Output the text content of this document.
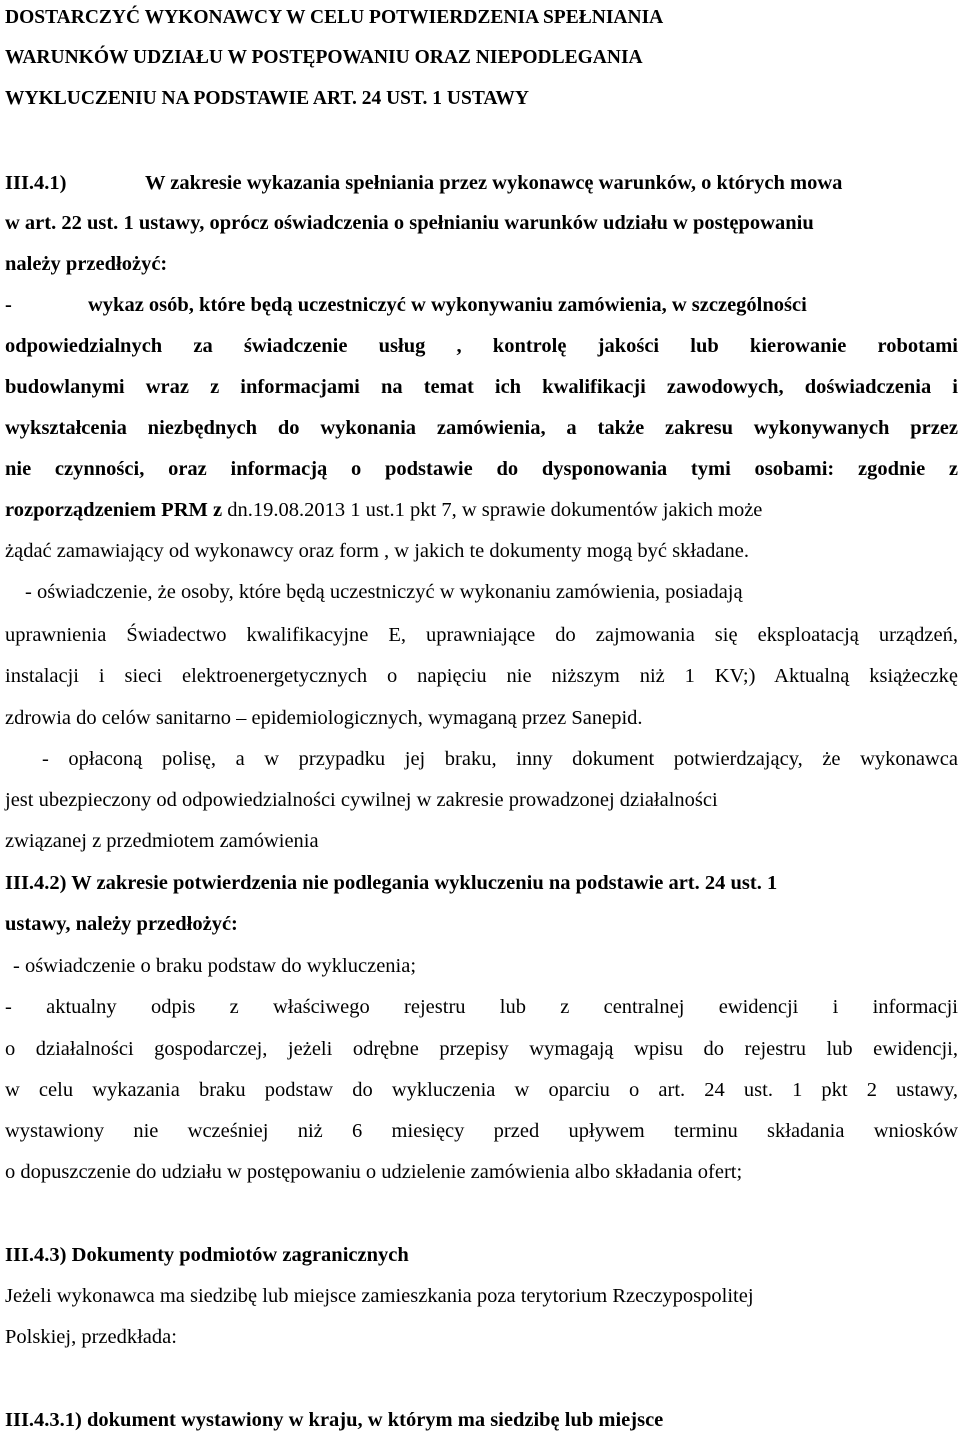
DOSTARCZYĆ WYKONAWCY W CELU POTWIERDZENIA SPEŁNIANIA
WARUNKÓW UDZIAŁU W POSTĘPOWANIU ORAZ NIEPODLEGANIA
WYKLUCZENIU NA PODSTAWIE ART. 24 UST. 1 USTAWY
III.4.1)	W zakresie wykazania spełniania przez wykonawcę warunków, o których mowa
w art. 22 ust. 1 ustawy, oprócz oświadczenia o spełnianiu warunków udziału w postępowaniu
należy przedłożyć:
-	wykaz osób, które będą uczestniczyć w wykonywaniu zamówienia, w szczególności
odpowiedzialnych za świadczenie usług , kontrolę jakości lub kierowanie robotami
budowlanymi wraz z informacjami na temat ich kwalifikacji zawodowych, doświadczenia i
wykształcenia niezbędnych do wykonania zamówienia, a także zakresu wykonywanych przez
nie czynności, oraz informacją o podstawie do dysponowania tymi osobami: zgodnie z
rozporządzeniem PRM z dn.19.08.2013 1 ust.1 pkt 7, w sprawie dokumentów jakich może
żądać zamawiający od wykonawcy oraz form , w jakich te dokumenty mogą być składane.
- oświadczenie, że osoby, które będą uczestniczyć w wykonaniu zamówienia, posiadają
uprawnienia Świadectwo kwalifikacyjne E, uprawniające do zajmowania się eksploatacją urządzeń,
instalacji i sieci elektroenergetycznych o napięciu nie niższym niż 1 KV;) Aktualną książeczkę
zdrowia do celów sanitarno – epidemiologicznych, wymaganą przez Sanepid.
- opłaconą polisę, a w przypadku jej braku, inny dokument potwierdzający, że wykonawca
jest ubezpieczony od odpowiedzialności cywilnej w zakresie prowadzonej działalności
związanej z przedmiotem zamówienia
III.4.2) W zakresie potwierdzenia nie podlegania wykluczeniu na podstawie art. 24 ust. 1
ustawy, należy przedłożyć:
- oświadczenie o braku podstaw do wykluczenia;
- aktualny odpis z właściwego rejestru lub z centralnej ewidencji i informacji
o działalności gospodarczej, jeżeli odrębne przepisy wymagają wpisu do rejestru lub ewidencji,
w celu wykazania braku podstaw do wykluczenia w oparciu o art. 24 ust. 1 pkt 2 ustawy,
wystawiony nie wcześniej niż 6 miesięcy przed upływem terminu składania wniosków
o dopuszczenie do udziału w postępowaniu o udzielenie zamówienia albo składania ofert;
III.4.3) Dokumenty podmiotów zagranicznych
Jeżeli wykonawca ma siedzibę lub miejsce zamieszkania poza terytorium Rzeczypospolitej
Polskiej, przedkłada:
III.4.3.1) dokument wystawiony w kraju, w którym ma siedzibę lub miejsce
